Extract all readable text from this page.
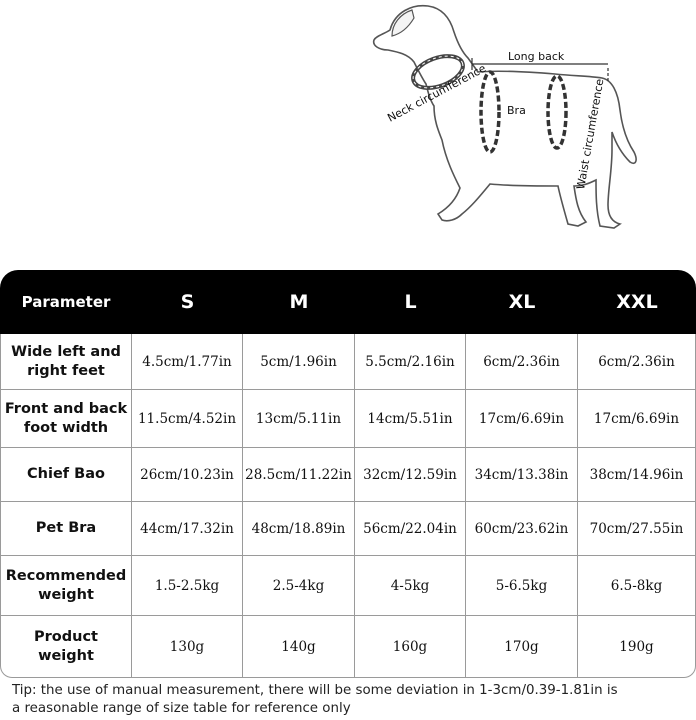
Long back
Neck circumference Bra	Waist circumference
Parameter	S	M	L	XL	XXL
Wide left and
right feet	4.5cm/1.77in	5cm/1.96in	5.5cm/2.16in	6cm/2.36in	6cm/2.36in
Front and back
foot width	11.5cm/4.52in	13cm/5.11in	14cm/5.51in	17cm/6.69in	17cm/6.69in
Chief Bao	26cm/10.23in	28.5cm/11.22in	32cm/12.59in	34cm/13.38in	38cm/14.96in
Pet Bra	44cm/17.32in	48cm/18.89in	56cm/22.04in	60cm/23.62in	70cm/27.55in
Recommended
weight	1.5-2.5kg	2.5-4kg	4-5kg	5-6.5kg	6.5-8kg
Product
weight	130g	140g	160g	170g	190g
Tip: the use of manual measurement, there will be some deviation in 1-3cm/0.39-1.81in is
a reasonable range of size table for reference only
